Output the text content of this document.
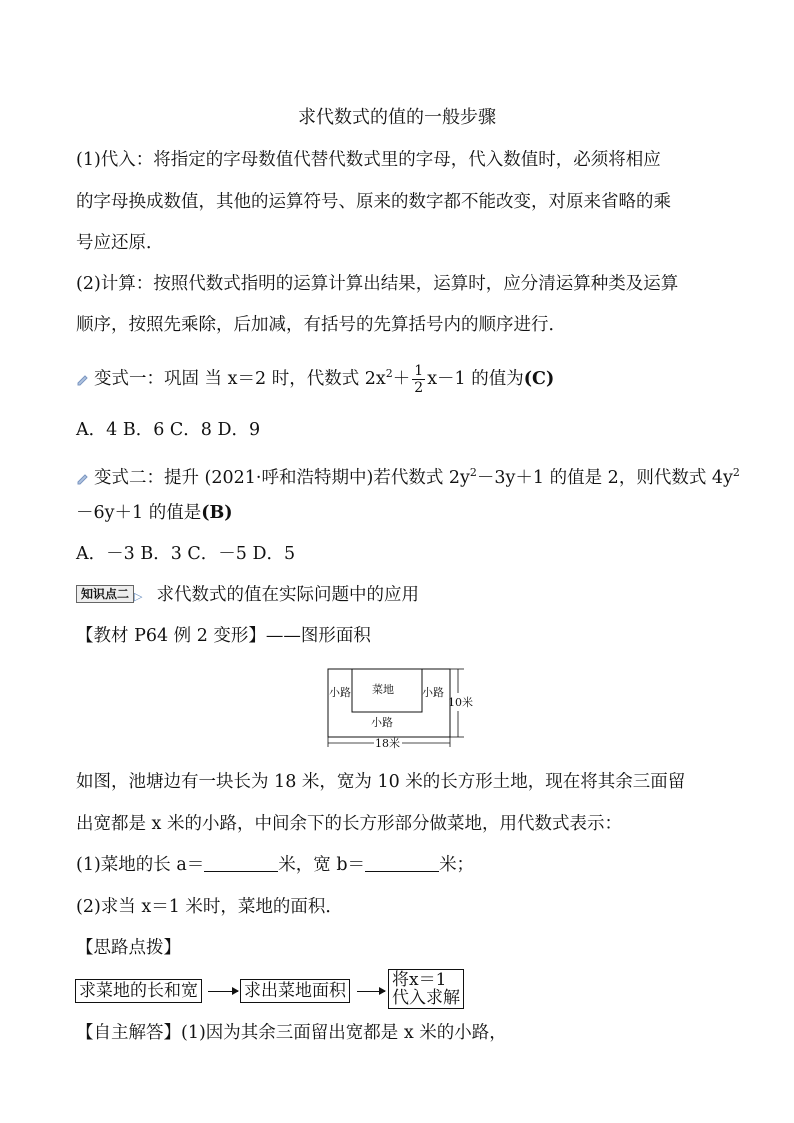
求代数式的值的一般步骤
(1)代入：将指定的字母数值代替代数式里的字母，代入数值时，必须将相应
的字母换成数值，其他的运算符号、原来的数字都不能改变，对原来省略的乘
号应还原．
(2)计算：按照代数式指明的运算计算出结果，运算时，应分清运算种类及运算
顺序，按照先乘除，后加减，有括号的先算括号内的顺序进行．
变式一：巩固 当 x＝2 时，代数式 $2x^2+ \frac{1}{2} x-1$ 的值为(C)
A．4 B．6 C．8 D．9
变式二：提升 (2021·呼和浩特期中)若代数式 $2y^2-3y+1$ 的值是 2，则代数式 $4y^2$
－6y＋1 的值是(B)
A．－3 B．3 C．－5 D．5
知识点二 ▷ 求代数式的值在实际问题中的应用
【教材 P64 例 2 变形】——图形面积
小路 菜地	小路
小路
10米
18米
如图，池塘边有一块长为 18 米，宽为 10 米的长方形土地，现在将其余三面留
出宽都是 x 米的小路，中间余下的长方形部分做菜地，用代数式表示：
(1)菜地的长 a＝	米，宽 b＝	米；
(2)求当 x＝1 米时，菜地的面积．
【思路点拨】
求菜地的长和宽	求出菜地面积
将x＝1
代入求解
【自主解答】(1)因为其余三面留出宽都是 x 米的小路，
